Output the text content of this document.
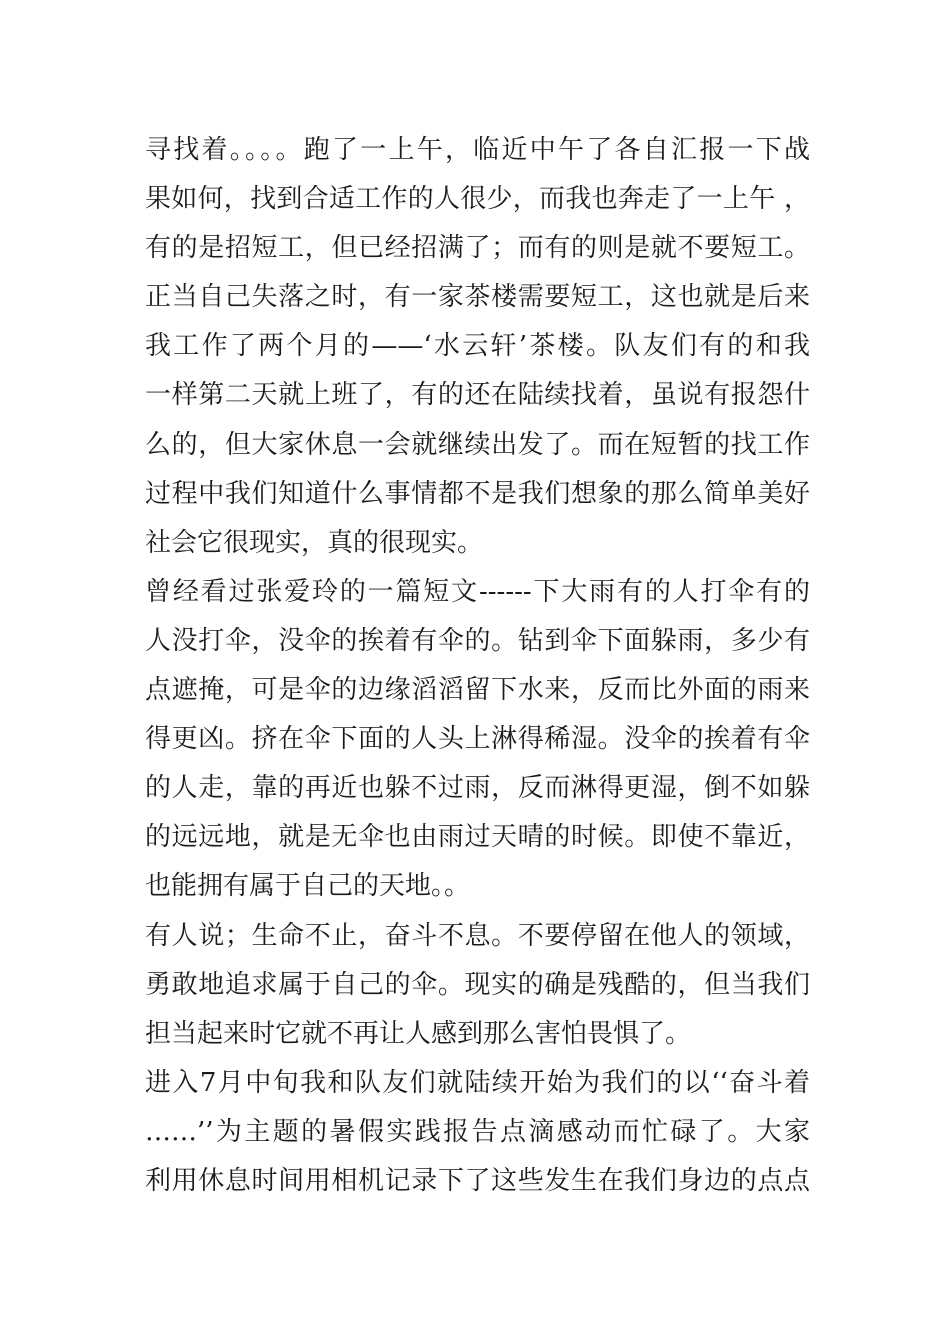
寻找着。。。。跑了一上午，临近中午了各自汇报一下战
果如何，找到合适工作的人很少，而我也奔走了一上午 ，
有的是招短工，但已经招满了；而有的则是就不要短工。
正当自己失落之时，有一家茶楼需要短工，这也就是后来
我工作了两个月的——‘水云轩’茶楼。队友们有的和我
一样第二天就上班了，有的还在陆续找着，虽说有报怨什
么的，但大家休息一会就继续出发了。而在短暂的找工作
过程中我们知道什么事情都不是我们想象的那么简单美好
社会它很现实，真的很现实。
曾经看过张爱玲的一篇短文------下大雨有的人打伞有的
人没打伞，没伞的挨着有伞的。钻到伞下面躲雨，多少有
点遮掩，可是伞的边缘滔滔留下水来，反而比外面的雨来
得更凶。挤在伞下面的人头上淋得稀湿。没伞的挨着有伞
的人走，靠的再近也躲不过雨，反而淋得更湿，倒不如躲
的远远地，就是无伞也由雨过天晴的时候。即使不靠近，
也能拥有属于自己的天地。。
有人说；生命不止，奋斗不息。不要停留在他人的领域，
勇敢地追求属于自己的伞。现实的确是残酷的，但当我们
担当起来时它就不再让人感到那么害怕畏惧了。
进入7月中旬我和队友们就陆续开始为我们的以‘‘奋斗着
……’’为主题的暑假实践报告点滴感动而忙碌了。大家
利用休息时间用相机记录下了这些发生在我们身边的点点
